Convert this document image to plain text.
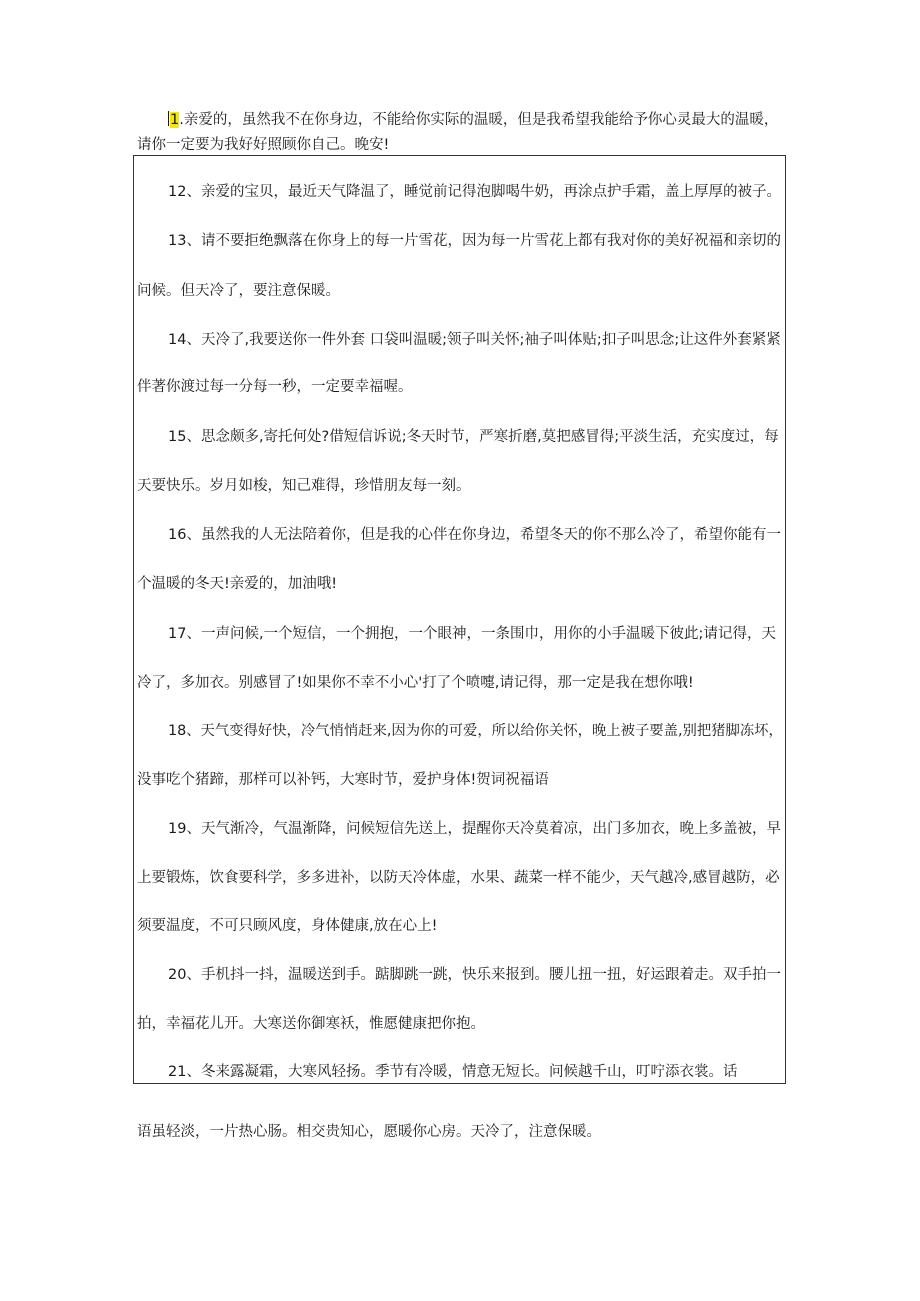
1.亲爱的，虽然我不在你身边，不能给你实际的温暖，但是我希望我能给予你心灵最大的温暖，
请你一定要为我好好照顾你自己。晚安!
12、亲爱的宝贝，最近天气降温了，睡觉前记得泡脚喝牛奶，再涂点护手霜，盖上厚厚的被子。
13、请不要拒绝飘落在你身上的每一片雪花，因为每一片雪花上都有我对你的美好祝福和亲切的
问候。但天冷了，要注意保暖。
14、天冷了,我要送你一件外套 口袋叫温暖;领子叫关怀;袖子叫体贴;扣子叫思念;让这件外套紧紧
伴著你渡过每一分每一秒，一定要幸福喔。
15、思念颇多,寄托何处?借短信诉说;冬天时节，严寒折磨,莫把感冒得;平淡生活，充实度过，每
天要快乐。岁月如梭，知己难得，珍惜朋友每一刻。
16、虽然我的人无法陪着你，但是我的心伴在你身边，希望冬天的你不那么冷了，希望你能有一
个温暖的冬天!亲爱的，加油哦!
17、一声问候,一个短信，一个拥抱，一个眼神，一条围巾，用你的小手温暖下彼此;请记得，天
冷了，多加衣。别感冒了!如果你不幸不小心'打了个喷嚏,请记得，那一定是我在想你哦!
18、天气变得好快，冷气悄悄赶来,因为你的可爱，所以给你关怀，晚上被子要盖,别把猪脚冻坏，
没事吃个猪蹄，那样可以补钙，大寒时节，爱护身体!贺词祝福语
19、天气渐冷，气温渐降，问候短信先送上，提醒你天冷莫着凉，出门多加衣，晚上多盖被，早
上要锻炼，饮食要科学，多多进补，以防天冷体虚，水果、蔬菜一样不能少，天气越冷,感冒越防，必
须要温度，不可只顾风度，身体健康,放在心上!
20、手机抖一抖，温暖送到手。踮脚跳一跳，快乐来报到。腰儿扭一扭，好运跟着走。双手拍一
拍，幸福花儿开。大寒送你御寒袄，惟愿健康把你抱。
21、冬来露凝霜，大寒风轻扬。季节有冷暖，情意无短长。问候越千山，叮咛添衣裳。话
语虽轻淡，一片热心肠。相交贵知心，愿暖你心房。天冷了，注意保暖。
